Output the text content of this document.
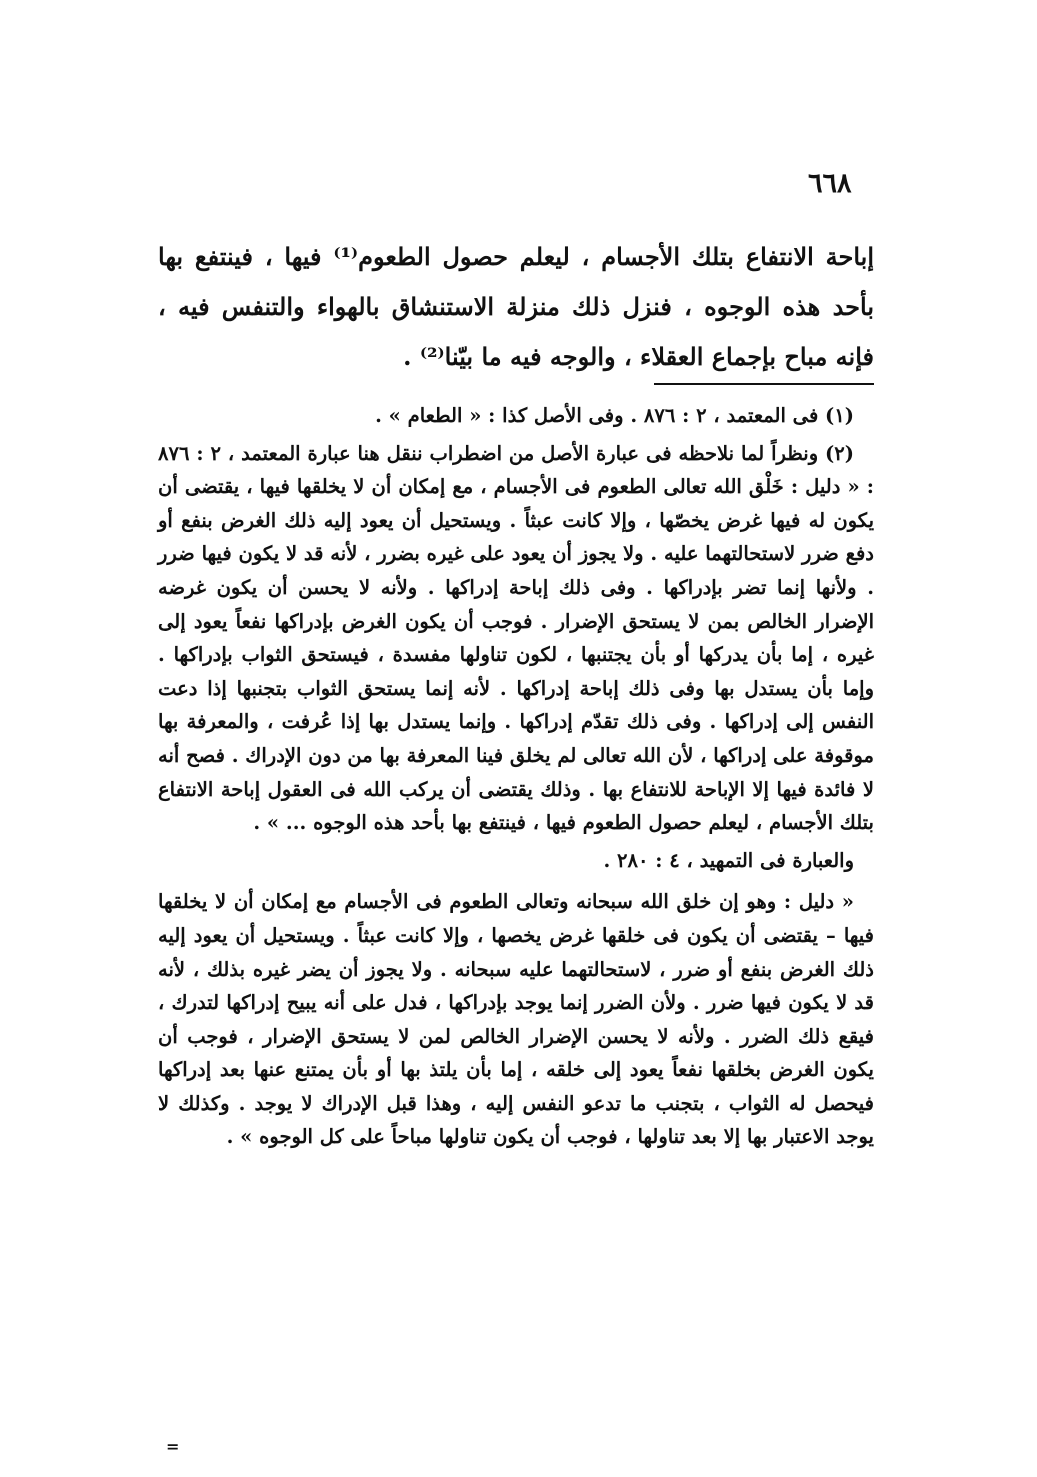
٦٦٨

إباحة الانتفاع بتلك الأجسام ، ليعلم حصول الطعوم⁽¹⁾ فيها ، فينتفع بها بأحد هذه الوجوه ، فنزل ذلك منزلة الاستنشاق بالهواء والتنفس فيه ، فإنه مباح بإجماع العقلاء ، والوجه فيه ما بيّنا⁽²⁾ .

(١) فى المعتمد ، ٢ : ٨٧٦ . وفى الأصل كذا : « الطعام » .

(٢) ونظراً لما نلاحظه فى عبارة الأصل من اضطراب ننقل هنا عبارة المعتمد ، ٢ : ٨٧٦ : « دليل : خَلْق الله تعالى الطعوم فى الأجسام ، مع إمكان أن لا يخلقها فيها ، يقتضى أن يكون له فيها غرض يخصّها ، وإلا كانت عبثاً . ويستحيل أن يعود إليه ذلك الغرض بنفع أو دفع ضرر لاستحالتهما عليه . ولا يجوز أن يعود على غيره بضرر ، لأنه قد لا يكون فيها ضرر . ولأنها إنما تضر بإدراكها . وفى ذلك إباحة إدراكها . ولأنه لا يحسن أن يكون غرضه الإضرار الخالص بمن لا يستحق الإضرار . فوجب أن يكون الغرض بإدراكها نفعاً يعود إلى غيره ، إما بأن يدركها أو بأن يجتنبها ، لكون تناولها مفسدة ، فيستحق الثواب بإدراكها . وإما بأن يستدل بها وفى ذلك إباحة إدراكها . لأنه إنما يستحق الثواب بتجنبها إذا دعت النفس إلى إدراكها . وفى ذلك تقدّم إدراكها . وإنما يستدل بها إذا عُرفت ، والمعرفة بها موقوفة على إدراكها ، لأن الله تعالى لم يخلق فينا المعرفة بها من دون الإدراك . فصح أنه لا فائدة فيها إلا الإباحة للانتفاع بها . وذلك يقتضى أن يركب الله فى العقول إباحة الانتفاع بتلك الأجسام ، ليعلم حصول الطعوم فيها ، فينتفع بها بأحد هذه الوجوه ... » .

والعبارة فى التمهيد ، ٤ : ٢٨٠ .

« دليل : وهو إن خلق الله سبحانه وتعالى الطعوم فى الأجسام مع إمكان أن لا يخلقها فيها – يقتضى أن يكون فى خلقها غرض يخصها ، وإلا كانت عبثاً . ويستحيل أن يعود إليه ذلك الغرض بنفع أو ضرر ، لاستحالتهما عليه سبحانه . ولا يجوز أن يضر غيره بذلك ، لأنه قد لا يكون فيها ضرر . ولأن الضرر إنما يوجد بإدراكها ، فدل على أنه يبيح إدراكها لتدرك ، فيقع ذلك الضرر . ولأنه لا يحسن الإضرار الخالص لمن لا يستحق الإضرار ، فوجب أن يكون الغرض بخلقها نفعاً يعود إلى خلقه ، إما بأن يلتذ بها أو بأن يمتنع عنها بعد إدراكها فيحصل له الثواب ، بتجنب ما تدعو النفس إليه ، وهذا قبل الإدراك لا يوجد . وكذلك لا يوجد الاعتبار بها إلا بعد تناولها ، فوجب أن يكون تناولها مباحاً على كل الوجوه » .

=
